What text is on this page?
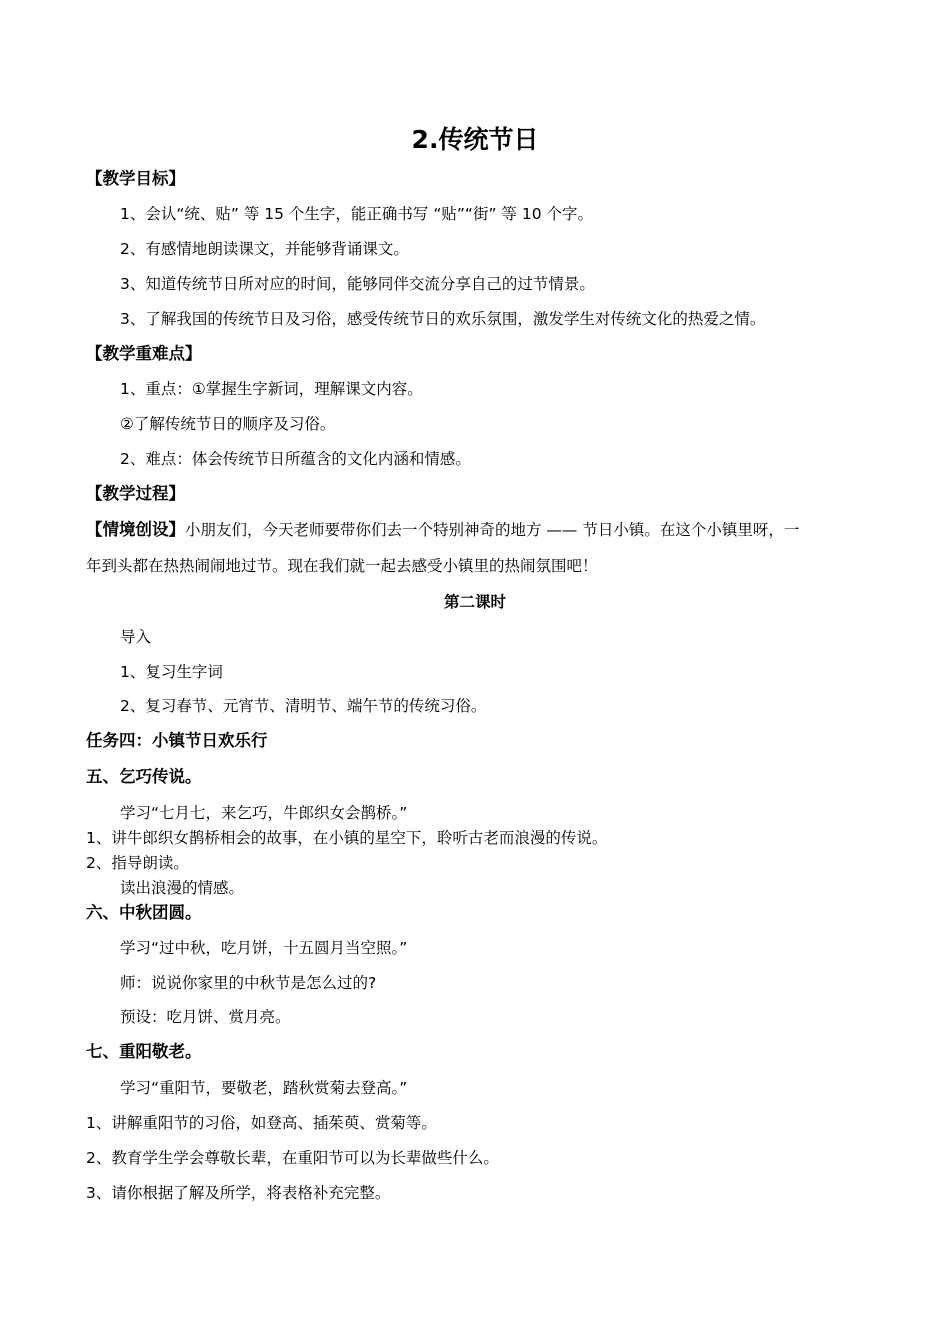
2.传统节日
【教学目标】
1、会认“统、贴” 等 15 个生字，能正确书写 “贴”“街” 等 10 个字。
2、有感情地朗读课文，并能够背诵课文。
3、知道传统节日所对应的时间，能够同伴交流分享自己的过节情景。
3、了解我国的传统节日及习俗，感受传统节日的欢乐氛围，激发学生对传统文化的热爱之情。
【教学重难点】
1、重点：①掌握生字新词，理解课文内容。
②了解传统节日的顺序及习俗。
2、难点：体会传统节日所蕴含的文化内涵和情感。
【教学过程】
【情境创设】小朋友们，今天老师要带你们去一个特别神奇的地方 —— 节日小镇。在这个小镇里呀，一
年到头都在热热闹闹地过节。现在我们就一起去感受小镇里的热闹氛围吧！
第二课时
导入
1、复习生字词
2、复习春节、元宵节、清明节、端午节的传统习俗。
任务四：小镇节日欢乐行
五、乞巧传说。
学习“七月七，来乞巧，牛郎织女会鹊桥。”
1、讲牛郎织女鹊桥相会的故事，在小镇的星空下，聆听古老而浪漫的传说。
2、指导朗读。
读出浪漫的情感。
六、中秋团圆。
学习“过中秋，吃月饼，十五圆月当空照。”
师：说说你家里的中秋节是怎么过的?
预设：吃月饼、赏月亮。
七、重阳敬老。
学习“重阳节，要敬老，踏秋赏菊去登高。”
1、讲解重阳节的习俗，如登高、插茱萸、赏菊等。
2、教育学生学会尊敬长辈，在重阳节可以为长辈做些什么。
3、请你根据了解及所学，将表格补充完整。
